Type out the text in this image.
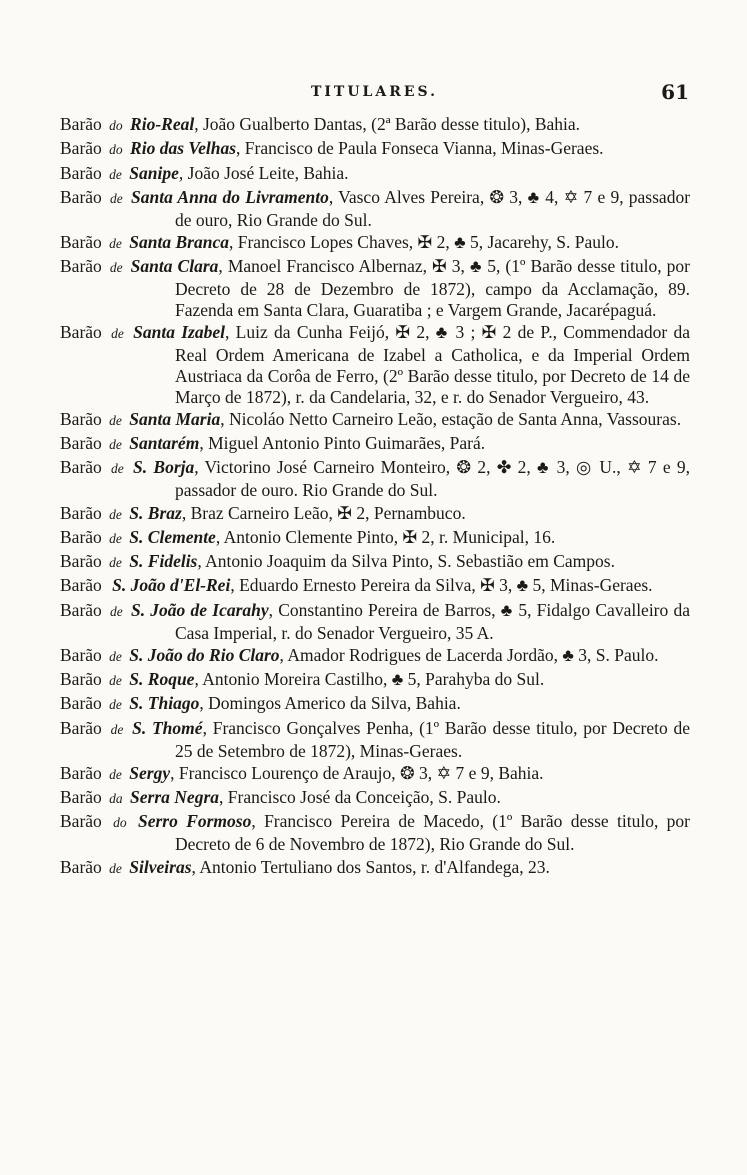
TITULARES.	61
Barão do Rio-Real, João Gualberto Dantas, (2ª Barão desse titulo), Bahia.
Barão do Rio das Velhas, Francisco de Paula Fonseca Vianna, Minas-Geraes.
Barão de Sanipe, João José Leite, Bahia.
Barão de Santa Anna do Livramento, Vasco Alves Pereira, ❂ 3, ♣ 4, ✡ 7 e 9, passador de ouro, Rio Grande do Sul.
Barão de Santa Branca, Francisco Lopes Chaves, ✠ 2, ♣ 5, Jacarehy, S. Paulo.
Barão de Santa Clara, Manoel Francisco Albernaz, ✠ 3, ♣ 5, (1º Barão desse titulo, por Decreto de 28 de Dezembro de 1872), campo da Acclamação, 89. Fazenda em Santa Clara, Guaratiba ; e Vargem Grande, Jacarépaguá.
Barão de Santa Izabel, Luiz da Cunha Feijó, ✠ 2, ♣ 3 ; ✠ 2 de P., Commendador da Real Ordem Americana de Izabel a Catholica, e da Imperial Ordem Austriaca da Corôa de Ferro, (2º Barão desse titulo, por Decreto de 14 de Março de 1872), r. da Candelaria, 32, e r. do Senador Vergueiro, 43.
Barão de Santa Maria, Nicoláo Netto Carneiro Leão, estação de Santa Anna, Vassouras.
Barão de Santarém, Miguel Antonio Pinto Guimarães, Pará.
Barão de S. Borja, Victorino José Carneiro Monteiro, ❂ 2, ✤ 2, ♣ 3, ◎ U., ✡ 7 e 9, passador de ouro. Rio Grande do Sul.
Barão de S. Braz, Braz Carneiro Leão, ✠ 2, Pernambuco.
Barão de S. Clemente, Antonio Clemente Pinto, ✠ 2, r. Municipal, 16.
Barão de S. Fidelis, Antonio Joaquim da Silva Pinto, S. Sebastião em Campos.
Barão S. João d'El-Rei, Eduardo Ernesto Pereira da Silva, ✠ 3, ♣ 5, Minas-Geraes.
Barão de S. João de Icarahy, Constantino Pereira de Barros, ♣ 5, Fidalgo Cavalleiro da Casa Imperial, r. do Senador Vergueiro, 35 A.
Barão de S. João do Rio Claro, Amador Rodrigues de Lacerda Jordão, ♣ 3, S. Paulo.
Barão de S. Roque, Antonio Moreira Castilho, ♣ 5, Parahyba do Sul.
Barão de S. Thiago, Domingos Americo da Silva, Bahia.
Barão de S. Thomé, Francisco Gonçalves Penha, (1º Barão desse titulo, por Decreto de 25 de Setembro de 1872), Minas-Geraes.
Barão de Sergy, Francisco Lourenço de Araujo, ❂ 3, ✡ 7 e 9, Bahia.
Barão da Serra Negra, Francisco José da Conceição, S. Paulo.
Barão do Serro Formoso, Francisco Pereira de Macedo, (1º Barão desse titulo, por Decreto de 6 de Novembro de 1872), Rio Grande do Sul.
Barão de Silveiras, Antonio Tertuliano dos Santos, r. d'Alfandega, 23.
